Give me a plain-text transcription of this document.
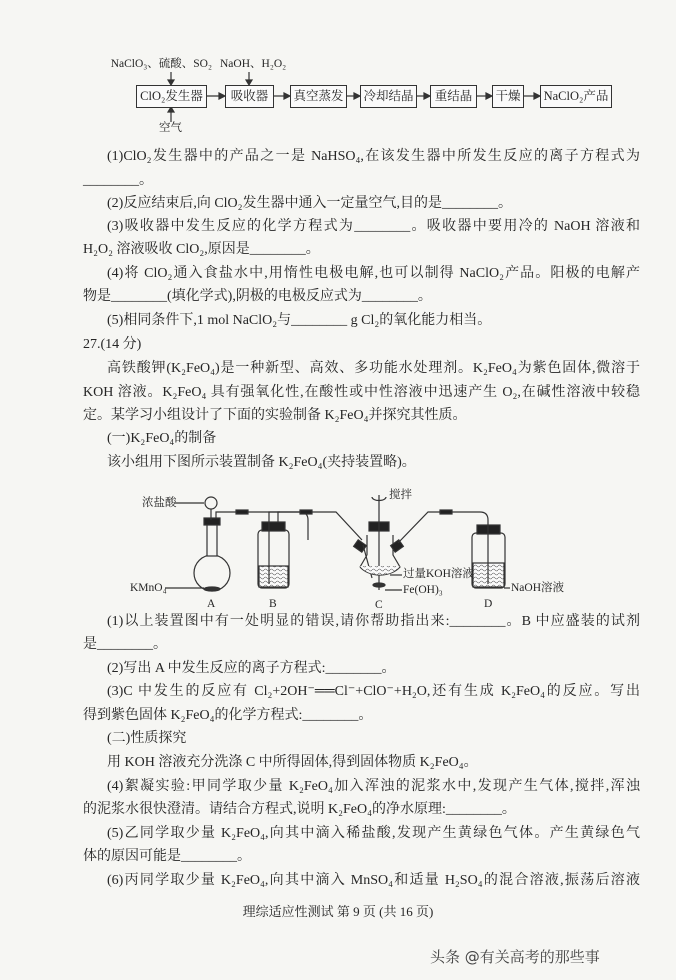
NaClO₃、硫酸、SO₂ NaOH、H₂O₂
空气
ClO₂发生器	吸收器	真空蒸发 冷却结晶	重结晶	干燥 NaClO₂产品
(1)ClO₂发生器中的产品之一是 NaHSO₄,在该发生器中所发生反应的离子方程式为
________。
(2)反应结束后,向 ClO₂发生器中通入一定量空气,目的是________。
(3)吸收器中发生反应的化学方程式为________。吸收器中要用冷的 NaOH 溶液和
H₂O₂ 溶液吸收 ClO₂,原因是________。
(4)将 ClO₂通入食盐水中,用惰性电极电解,也可以制得 NaClO₂产品。阳极的电解产
物是________(填化学式),阴极的电极反应式为________。
(5)相同条件下,1 mol NaClO₂与________ g Cl₂的氧化能力相当。
27.(14 分)
高铁酸钾(K₂FeO₄)是一种新型、高效、多功能水处理剂。K₂FeO₄为紫色固体,微溶于
KOH 溶液。K₂FeO₄ 具有强氧化性,在酸性或中性溶液中迅速产生 O₂,在碱性溶液中较稳
定。某学习小组设计了下面的实验制备 K₂FeO₄并探究其性质。
(一)K₂FeO₄的制备
该小组用下图所示装置制备 K₂FeO₄(夹持装置略)。
浓盐酸
KMnO₄
搅拌
过量KOH溶液
Fe(OH)₃	NaOH溶液
A	B	C	D
(1)以上装置图中有一处明显的错误,请你帮助指出来:________。B 中应盛装的试剂
是________。
(2)写出 A 中发生反应的离子方程式:________。
(3)C 中发生的反应有 Cl₂+2OH⁻══Cl⁻+ClO⁻+H₂O,还有生成 K₂FeO₄的反应。写出
得到紫色固体 K₂FeO₄的化学方程式:________。
(二)性质探究
用 KOH 溶液充分洗涤 C 中所得固体,得到固体物质 K₂FeO₄。
(4)絮凝实验:甲同学取少量 K₂FeO₄加入浑浊的泥浆水中,发现产生气体,搅拌,浑浊
的泥浆水很快澄清。请结合方程式,说明 K₂FeO₄的净水原理:________。
(5)乙同学取少量 K₂FeO₄,向其中滴入稀盐酸,发现产生黄绿色气体。产生黄绿色气
体的原因可能是________。
(6)丙同学取少量 K₂FeO₄,向其中滴入 MnSO₄和适量 H₂SO₄的混合溶液,振荡后溶液
理综适应性测试 第 9 页 (共 16 页)
头条 @有关高考的那些事
